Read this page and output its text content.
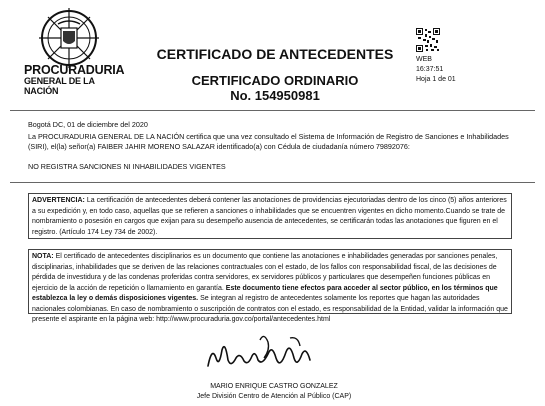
PROCURADURIA
GENERAL DE LA NACIÓN
CERTIFICADO DE ANTECEDENTES
CERTIFICADO ORDINARIO
No. 154950981
WEB
16:37:51
Hoja 1 de 01
Bogotá DC, 01 de diciembre del 2020
La PROCURADURIA GENERAL DE LA NACIÓN certifica que una vez consultado el Sistema de Información de Registro de Sanciones e Inhabilidades (SIRI), el(la) señor(a) FAIBER JAHIR MORENO SALAZAR identificado(a) con Cédula de ciudadanía número 79892076:
NO REGISTRA SANCIONES NI INHABILIDADES VIGENTES
ADVERTENCIA: La certificación de antecedentes deberá contener las anotaciones de providencias ejecutoriadas dentro de los cinco (5) años anteriores a su expedición y, en todo caso, aquellas que se refieren a sanciones o inhabilidades que se encuentren vigentes en dicho momento.Cuando se trate de nombramiento o posesión en cargos que exijan para su desempeño ausencia de antecedentes, se certificarán todas las anotaciones que figuren en el registro. (Artículo 174 Ley 734 de 2002).
NOTA: El certificado de antecedentes disciplinarios es un documento que contiene las anotaciones e inhabilidades generadas por sanciones penales, disciplinarias, inhabilidades que se deriven de las relaciones contractuales con el estado, de los fallos con responsabilidad fiscal, de las decisiones de pérdida de investidura y de las condenas proferidas contra servidores, ex servidores públicos y particulares que desempeñen funciones públicas en ejercicio de la acción de repetición o llamamiento en garantía. Este documento tiene efectos para acceder al sector público, en los términos que establezca la ley o demás disposiciones vigentes. Se integran al registro de antecedentes solamente los reportes que hagan las autoridades nacionales colombianas. En caso de nombramiento o suscripción de contratos con el estado, es responsabilidad de la Entidad, validar la información que presente el aspirante en la página web: http://www.procuraduria.gov.co/portal/antecedentes.html
MARIO ENRIQUE CASTRO GONZALEZ
Jefe División Centro de Atención al Público (CAP)
